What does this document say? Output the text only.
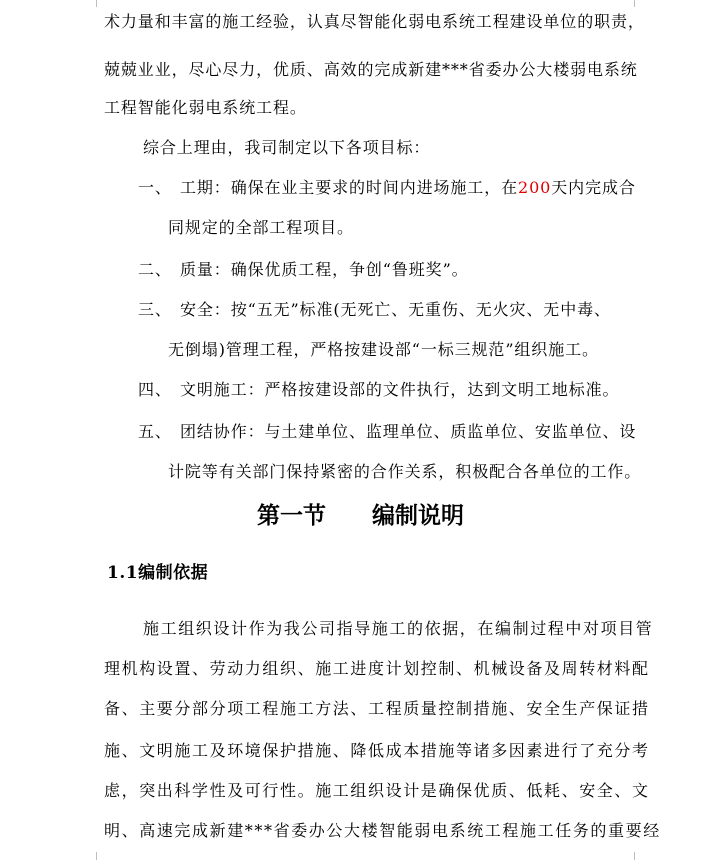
术力量和丰富的施工经验，认真尽智能化弱电系统工程建设单位的职责，
兢兢业业，尽心尽力，优质、高效的完成新建***省委办公大楼弱电系统
工程智能化弱电系统工程。
综合上理由，我司制定以下各项目标：
一、 工期：确保在业主要求的时间内进场施工，在200天内完成合
同规定的全部工程项目。
二、 质量：确保优质工程，争创“鲁班奖”。
三、 安全：按“五无”标准(无死亡、无重伤、无火灾、无中毒、
无倒塌)管理工程，严格按建设部“一标三规范”组织施工。
四、 文明施工：严格按建设部的文件执行，达到文明工地标准。
五、 团结协作：与土建单位、监理单位、质监单位、安监单位、设
计院等有关部门保持紧密的合作关系，积极配合各单位的工作。
第一节 编制说明
1.1编制依据
施工组织设计作为我公司指导施工的依据，在编制过程中对项目管
理机构设置、劳动力组织、施工进度计划控制、机械设备及周转材料配
备、主要分部分项工程施工方法、工程质量控制措施、安全生产保证措
施、文明施工及环境保护措施、降低成本措施等诸多因素进行了充分考
虑，突出科学性及可行性。施工组织设计是确保优质、低耗、安全、文
明、高速完成新建***省委办公大楼智能弱电系统工程施工任务的重要经
